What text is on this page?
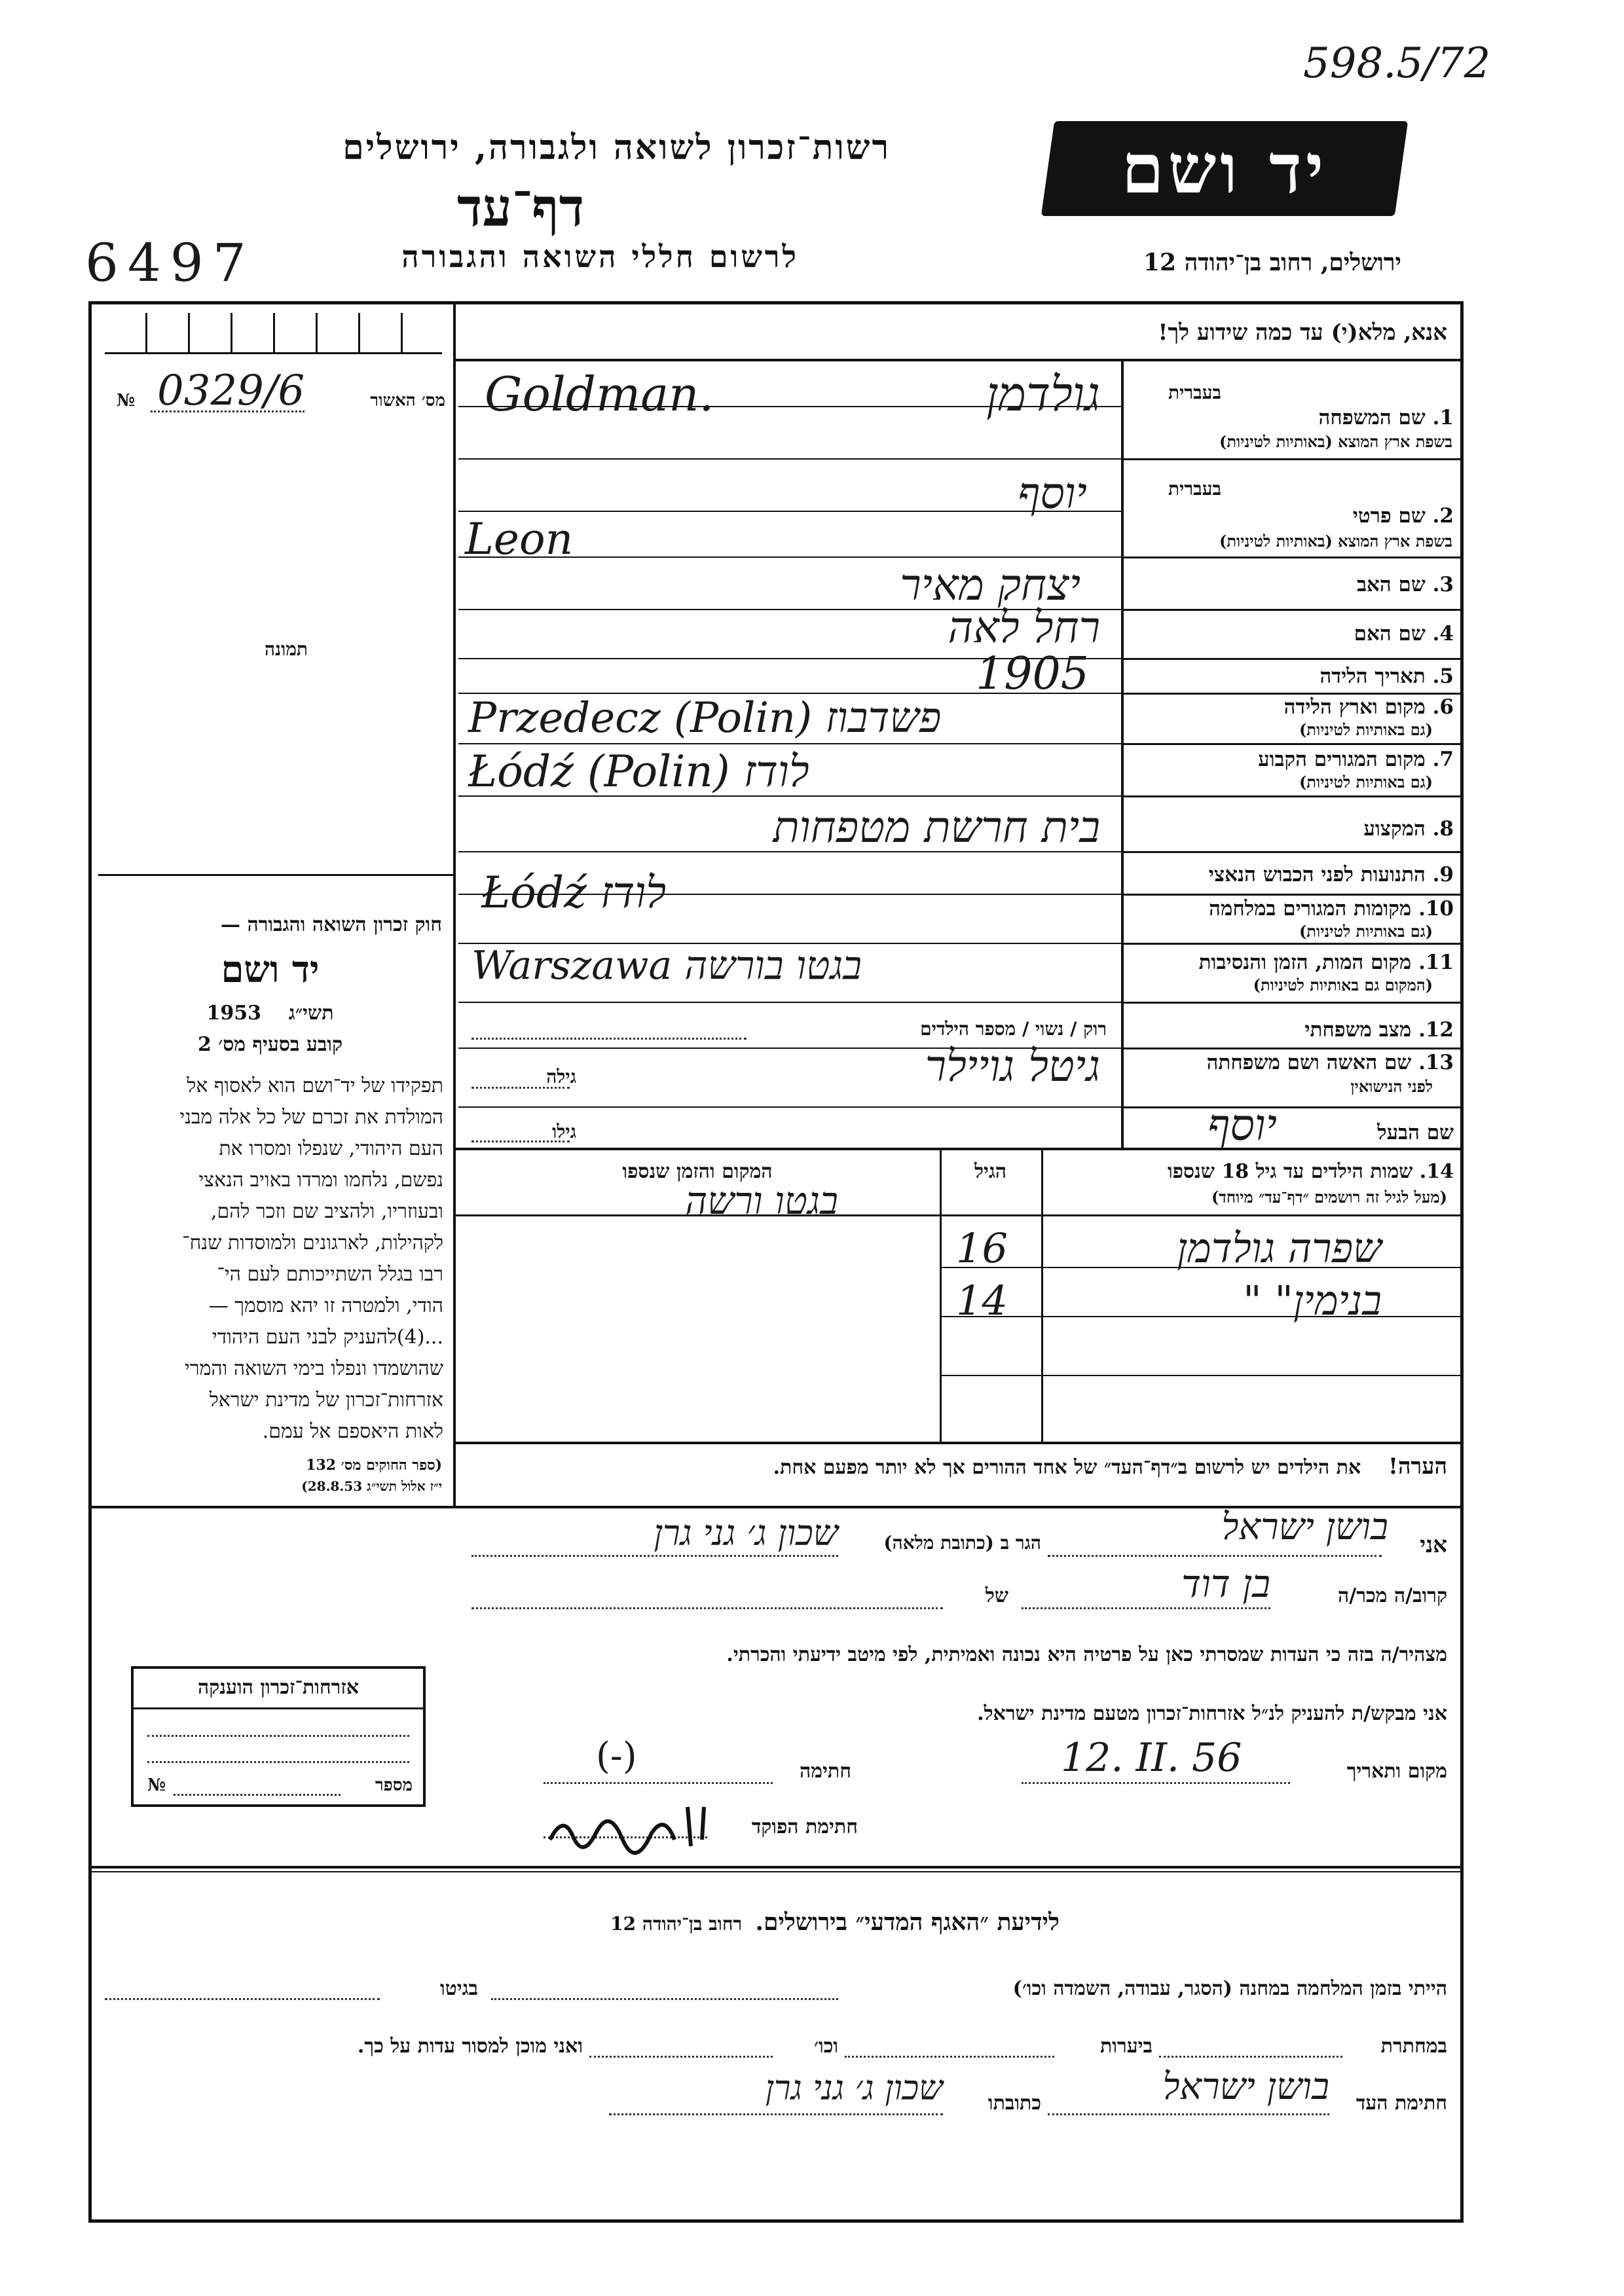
598.5/72
רשות־זכרון לשואה ולגבורה, ירושלים
דף־עד
6497	לרשום חללי השואה והגבורה
יד ושם
ירושלים, רחוב בן־יהודה 12
אנא, מלא(י) עד כמה שידוע לך!
מס׳ האשור
№ 0329/6
תמונה
חוק זכרון השואה והגבורה —
יד ושם
תשי״ג    1953
קובע בסעיף מס׳ 2
תפקידו של יד־ושם הוא לאסוף אל
המולדת את זכרם של כל אלה מבני
העם היהודי, שנפלו ומסרו את
נפשם, נלחמו ומרדו באויב הנאצי
ובעוזריו, ולהציב שם וזכר להם,
לקהילות, לארגונים ולמוסדות שנח־
רבו בגלל השתייכותם לעם הי־
הודי, ולמטרה זו יהא מוסמך —
...(4)להעניק לבני העם היהודי
שהושמדו ונפלו בימי השואה והמרי
אזרחות־זכרון של מדינת ישראל
לאות היאספם אל עמם.
(ספר החוקים מס׳ 132
י״ז אלול תשי״ג 28.8.53)
בעברית
1. שם המשפחה
בשפת ארץ המוצא (באותיות לטיניות)
Goldman.	גולדמן
בעברית
2. שם פרטי
בשפת ארץ המוצא (באותיות לטיניות)
יוסף
Leon
3. שם האב
יצחק מאיר
4. שם האם
רחל לאה
5. תאריך הלידה
1905
6. מקום וארץ הלידה
(גם באותיות לטיניות)
Przedecz (Polin) פשדבוז
7. מקום המגורים הקבוע
(גם באותיות לטיניות)
Łódź (Polin) לודז
8. המקצוע
בית חרשת מטפחות
9. התנועות לפני הכבוש הנאצי
10. מקומות המגורים במלחמה
(גם באותיות לטיניות)
Łódź לודז
11. מקום המות, הזמן והנסיבות
(המקום גם באותיות לטיניות)
Warszawa בגטו בורשה
12. מצב משפחתי
רוק / נשוי / מספר הילדים
13. שם האשה ושם משפחתה
לפני הנישואין
גילה	גיטל גויילר
שם הבעל
גילו	יוסף
14. שמות הילדים עד גיל 18 שנספו
(מעל לגיל זה רושמים ״דף־עד״ מיוחד)
הגיל
המקום והזמן שנספו
בגטו ורשה
שפרה גולדמן
16
בנימין" "
14
הערה!    את הילדים יש לרשום ב״דף־העד״ של אחד ההורים אך לא יותר מפעם אחת.
אני
בושן ישראל
הגר ב (כתובת מלאה)
שכון ג׳ גני גרן
קרוב/ה מכר/ה
בן דוד
של
מצהיר/ה בזה כי העדות שמסרתי כאן על פרטיה היא נכונה ואמיתית, לפי מיטב ידיעתי והכרתי.
אני מבקש/ת להעניק לנ״ל אזרחות־זכרון מטעם מדינת ישראל.
מקום ותאריך
12. II. 56
חתימה
(-)
חתימת הפוקד
אזרחות־זכרון הוענקה
מספר
№
לידיעת ״האגף המדעי״ בירושלים.    רחוב בן־יהודה 12
הייתי בזמן המלחמה במחנה (הסגר, עבודה, השמדה וכו׳)
בגיטו
במחתרת
ביערות
וכו׳
ואני מוכן למסור עדות על כך.
חתימת העד
בושן ישראל
כתובתו
שכון ג׳ גני גרן
